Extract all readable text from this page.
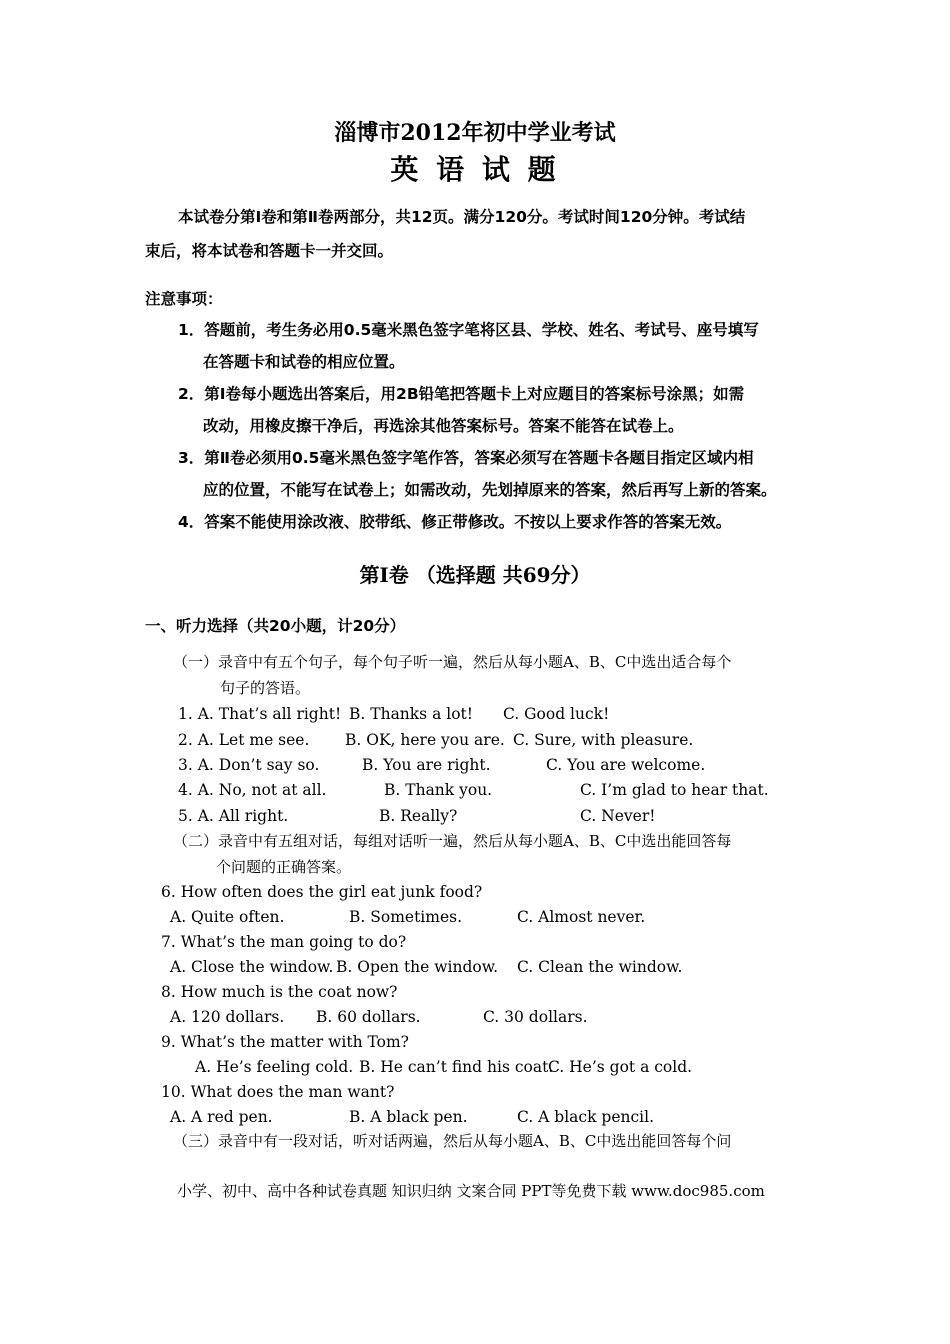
淄博市2012年初中学业考试
英 语 试 题
本试卷分第Ⅰ卷和第Ⅱ卷两部分，共12页。满分120分。考试时间120分钟。考试结
束后，将本试卷和答题卡一并交回。
注意事项：
1．答题前，考生务必用0.5毫米黑色签字笔将区县、学校、姓名、考试号、座号填写
在答题卡和试卷的相应位置。
2．第Ⅰ卷每小题选出答案后，用2B铅笔把答题卡上对应题目的答案标号涂黑；如需
改动，用橡皮擦干净后，再选涂其他答案标号。答案不能答在试卷上。
3．第Ⅱ卷必须用0.5毫米黑色签字笔作答，答案必须写在答题卡各题目指定区域内相
应的位置，不能写在试卷上；如需改动，先划掉原来的答案，然后再写上新的答案。
4．答案不能使用涂改液、胶带纸、修正带修改。不按以上要求作答的答案无效。
第Ⅰ卷 （选择题 共69分）
一、听力选择（共20小题，计20分）
（一）录音中有五个句子，每个句子听一遍，然后从每小题A、B、C中选出适合每个
句子的答语。
1. A. That’s all right! B. Thanks a lot! C. Good luck!
2. A. Let me see. B. OK, here you are. C. Sure, with pleasure.
3. A. Don’t say so.	B. You are right.	C. You are welcome.
4. A. No, not at all.	B. Thank you.	C. I’m glad to hear that.
5. A. All right.	B. Really?	C. Never!
（二）录音中有五组对话，每组对话听一遍，然后从每小题A、B、C中选出能回答每
个问题的正确答案。
6. How often does the girl eat junk food?
A. Quite often.	B. Sometimes.	C. Almost never.
7. What’s the man going to do?
A. Close the window. B. Open the window. C. Clean the window.
8. How much is the coat now?
A. 120 dollars. B. 60 dollars.	C. 30 dollars.
9. What’s the matter with Tom?
A. He’s feeling cold. B. He can’t find his coat.
C. He’s got a cold.
10. What does the man want?
A. A red pen.	B. A black pen.	C. A black pencil.
（三）录音中有一段对话，听对话两遍，然后从每小题A、B、C中选出能回答每个问
小学、初中、高中各种试卷真题 知识归纳 文案合同 PPT等免费下载 www.doc985.com
